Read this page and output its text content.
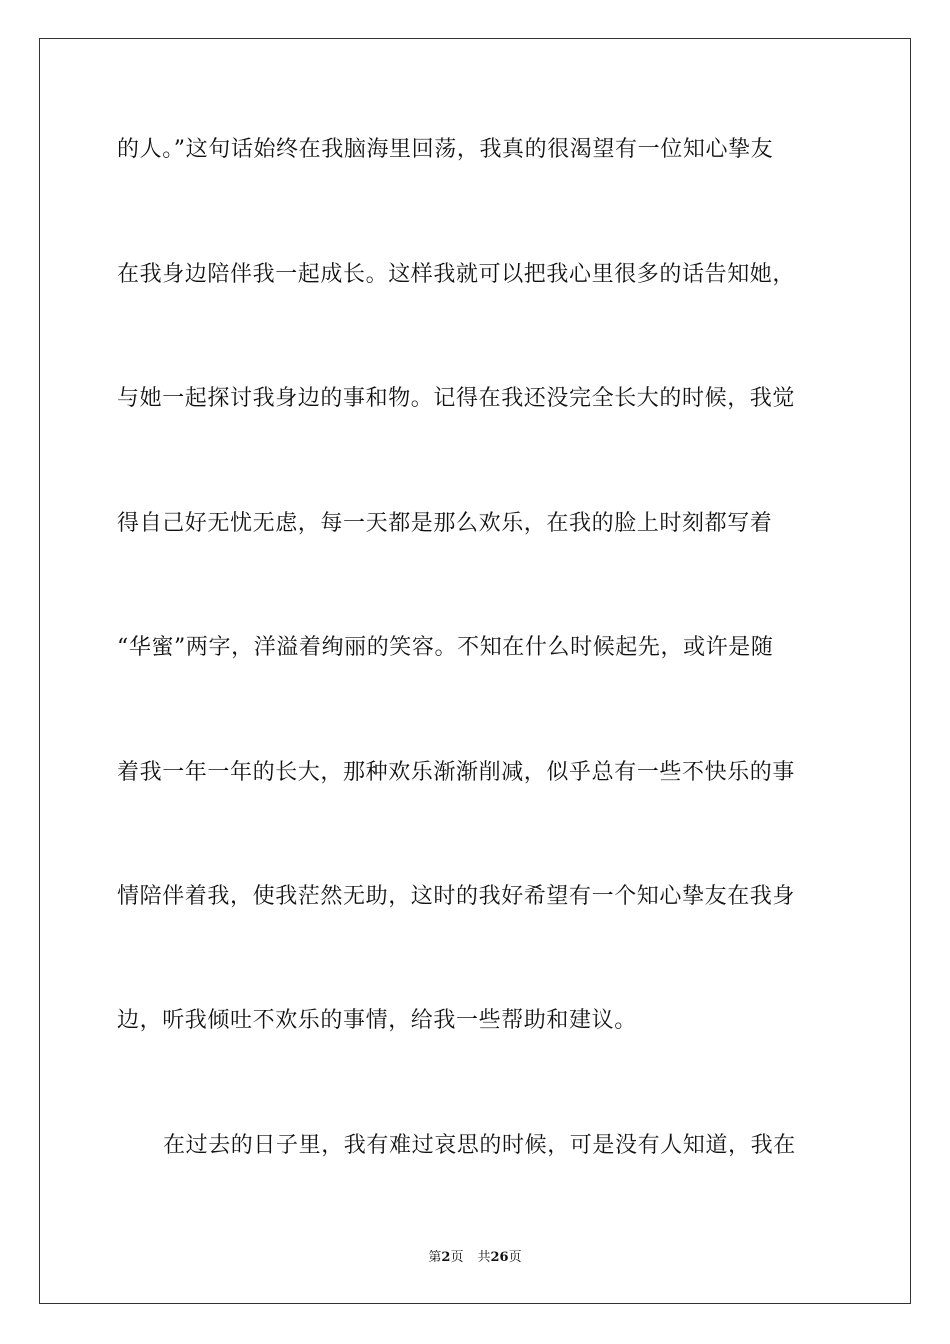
的人。”这句话始终在我脑海里回荡，我真的很渴望有一位知心挚友
在我身边陪伴我一起成长。这样我就可以把我心里很多的话告知她，
与她一起探讨我身边的事和物。记得在我还没完全长大的时候，我觉
得自己好无忧无虑，每一天都是那么欢乐，在我的脸上时刻都写着
“华蜜”两字，洋溢着绚丽的笑容。不知在什么时候起先，或许是随
着我一年一年的长大，那种欢乐渐渐削减，似乎总有一些不快乐的事
情陪伴着我，使我茫然无助，这时的我好希望有一个知心挚友在我身
边，听我倾吐不欢乐的事情，给我一些帮助和建议。
在过去的日子里，我有难过哀思的时候，可是没有人知道，我在
第2页 共26页
